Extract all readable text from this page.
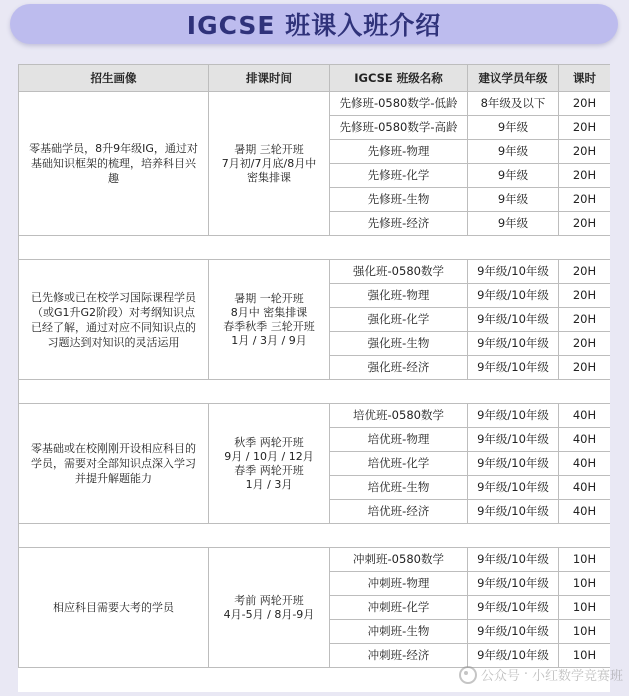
IGCSE 班课入班介绍
招生画像	排课时间	IGCSE 班级名称	建议学员年级	课时
零基础学员，8升9年级IG，通过对基础知识框架的梳理，培养科目兴趣	暑期 三轮开班
7月初/7月底/8月中
密集排课	先修班-0580数学-低龄	8年级及以下	20H
		先修班-0580数学-高龄	9年级	20H
		先修班-物理	9年级	20H
		先修班-化学	9年级	20H
		先修班-生物	9年级	20H
		先修班-经济	9年级	20H

已先修或已在校学习国际课程学员（或G1升G2阶段）对考纲知识点已经了解，通过对应不同知识点的习题达到对知识的灵活运用	暑期 一轮开班
8月中 密集排课
春季秋季 三轮开班
1月 / 3月 / 9月	强化班-0580数学	9年级/10年级	20H
		强化班-物理	9年级/10年级	20H
		强化班-化学	9年级/10年级	20H
		强化班-生物	9年级/10年级	20H
		强化班-经济	9年级/10年级	20H

零基础或在校刚刚开设相应科目的学员，需要对全部知识点深入学习并提升解题能力	秋季 两轮开班
9月 / 10月 / 12月
春季 两轮开班
1月 / 3月	培优班-0580数学	9年级/10年级	40H
		培优班-物理	9年级/10年级	40H
		培优班-化学	9年级/10年级	40H
		培优班-生物	9年级/10年级	40H
		培优班-经济	9年级/10年级	40H

相应科目需要大考的学员	考前 两轮开班
4月-5月 / 8月-9月	冲刺班-0580数学	9年级/10年级	10H
		冲刺班-物理	9年级/10年级	10H
		冲刺班-化学	9年级/10年级	10H
		冲刺班-生物	9年级/10年级	10H
		冲刺班-经济	9年级/10年级	10H
公众号 · 小红数学竞赛班
